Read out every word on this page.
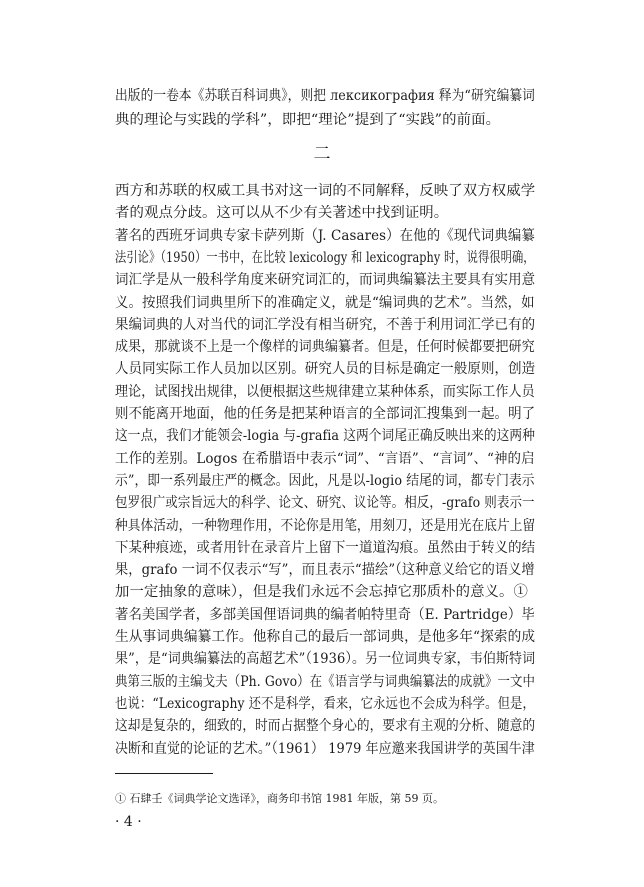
出版的一卷本《苏联百科词典》，则把 лексикография 释为“研究编纂词
典的理论与实践的学科”，即把“理论”提到了“实践”的前面。
二
西方和苏联的权威工具书对这一词的不同解释，反映了双方权威学
者的观点分歧。这可以从不少有关著述中找到证明。
著名的西班牙词典专家卡萨列斯（J. Casares）在他的《现代词典编纂
法引论》（1950）一书中，在比较 lexicology 和 lexicography 时，说得很明确，
词汇学是从一般科学角度来研究词汇的，而词典编纂法主要具有实用意
义。按照我们词典里所下的准确定义，就是“编词典的艺术”。当然，如
果编词典的人对当代的词汇学没有相当研究，不善于利用词汇学已有的
成果，那就谈不上是一个像样的词典编纂者。但是，任何时候都要把研究
人员同实际工作人员加以区别。研究人员的目标是确定一般原则，创造
理论，试图找出规律，以便根据这些规律建立某种体系，而实际工作人员
则不能离开地面，他的任务是把某种语言的全部词汇搜集到一起。明了
这一点，我们才能领会-logia 与-grafia 这两个词尾正确反映出来的这两种
工作的差别。Logos 在希腊语中表示“词”、“言语”、“言词”、“神的启
示”，即一系列最庄严的概念。因此，凡是以-logio 结尾的词，都专门表示
包罗很广或宗旨远大的科学、论文、研究、议论等。相反，-grafo 则表示一
种具体活动，一种物理作用，不论你是用笔，用刻刀，还是用光在底片上留
下某种痕迹，或者用针在录音片上留下一道道沟痕。虽然由于转义的结
果，grafo 一词不仅表示“写”，而且表示“描绘”（这种意义给它的语义增
加一定抽象的意味），但是我们永远不会忘掉它那质朴的意义。①
著名美国学者，多部美国俚语词典的编者帕特里奇（E. Partridge）毕
生从事词典编纂工作。他称自己的最后一部词典，是他多年“探索的成
果”，是“词典编纂法的高超艺术”（1936）。另一位词典专家，韦伯斯特词
典第三版的主编戈夫（Ph. Govo）在《语言学与词典编纂法的成就》一文中
也说：“Lexicography 还不是科学，看来，它永远也不会成为科学。但是，
这却是复杂的，细致的，时而占据整个身心的，要求有主观的分析、随意的
决断和直觉的论证的艺术。”（1961） 1979 年应邀来我国讲学的英国牛津
① 石肆壬《词典学论文选译》，商务印书馆 1981 年版，第 59 页。
· 4 ·
